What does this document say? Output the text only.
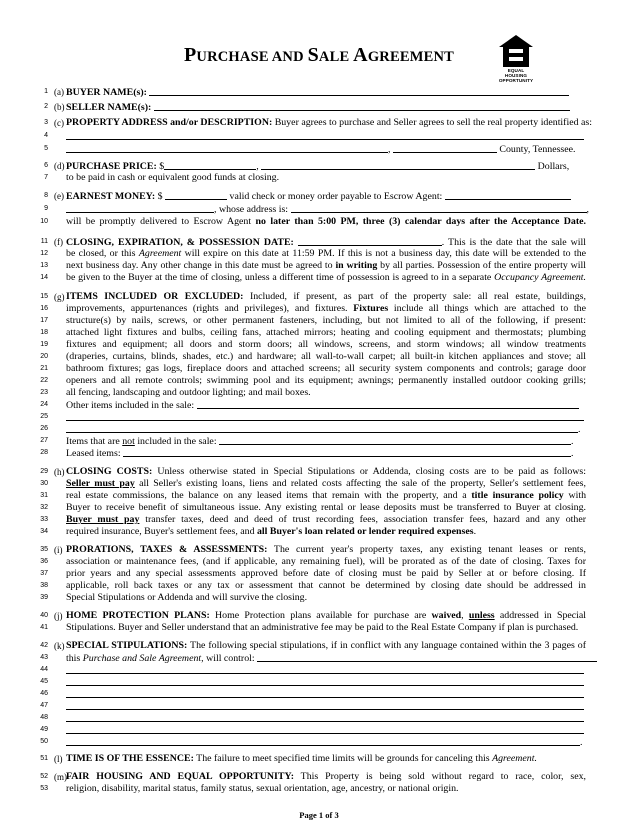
PURCHASE AND SALE AGREEMENT
EQUAL HOUSING
OPPORTUNITY
1 (a) BUYER NAME(s):
2 (b) SELLER NAME(s):
3 (c) PROPERTY ADDRESS and/or DESCRIPTION: Buyer agrees to purchase and Seller agrees to sell the real property identified as:
4
5	,	County, Tennessee.
6 (d) PURCHASE PRICE: $	,	Dollars,
7 to be paid in cash or equivalent good funds at closing.
8 (e) EARNEST MONEY: $	valid check or money order payable to Escrow Agent:
9	, whose address is:	,
10 will be promptly delivered to Escrow Agent no later than 5:00 PM, three (3) calendar days after the Acceptance Date.
11 (f) CLOSING, EXPIRATION, & POSSESSION DATE:	. This is the date that the sale will
12 be closed, or this Agreement will expire on this date at 11:59 PM. If this is not a business day, this date will be extended to the
13 next business day. Any other change in this date must be agreed to in writing by all parties. Possession of the entire property will
14 be given to the Buyer at the time of closing, unless a different time of possession is agreed to in a separate Occupancy Agreement.
15 (g) ITEMS INCLUDED OR EXCLUDED: Included, if present, as part of the property sale: all real estate, buildings,
16 improvements, appurtenances (rights and privileges), and fixtures. Fixtures include all things which are attached to the
17 structure(s) by nails, screws, or other permanent fasteners, including, but not limited to all of the following, if present:
18 attached light fixtures and bulbs, ceiling fans, attached mirrors; heating and cooling equipment and thermostats; plumbing
19 fixtures and equipment; all doors and storm doors; all windows, screens, and storm windows; all window treatments
20 (draperies, curtains, blinds, shades, etc.) and hardware; all wall-to-wall carpet; all built-in kitchen appliances and stove; all
21 bathroom fixtures; gas logs, fireplace doors and attached screens; all security system components and controls; garage door
22 openers and all remote controls; swimming pool and its equipment; awnings; permanently installed outdoor cooking grills;
23 all fencing, landscaping and outdoor lighting; and mail boxes.
24 Other items included in the sale:
25
26	.
27 Items that are not included in the sale:	.
28 Leased items:	.
29 (h) CLOSING COSTS: Unless otherwise stated in Special Stipulations or Addenda, closing costs are to be paid as follows:
30 Seller must pay all Seller's existing loans, liens and related costs affecting the sale of the property, Seller's settlement fees,
31 real estate commissions, the balance on any leased items that remain with the property, and a title insurance policy with
32 Buyer to receive benefit of simultaneous issue. Any existing rental or lease deposits must be transferred to Buyer at closing.
33 Buyer must pay transfer taxes, deed and deed of trust recording fees, association transfer fees, hazard and any other
34 required insurance, Buyer's settlement fees, and all Buyer's loan related or lender required expenses.
35 (i) PRORATIONS, TAXES & ASSESSMENTS: The current year's property taxes, any existing tenant leases or rents,
36 association or maintenance fees, (and if applicable, any remaining fuel), will be prorated as of the date of closing. Taxes for
37 prior years and any special assessments approved before date of closing must be paid by Seller at or before closing. If
38 applicable, roll back taxes or any tax or assessment that cannot be determined by closing date should be addressed in
39 Special Stipulations or Addenda and will survive the closing.
40 (j) HOME PROTECTION PLANS: Home Protection plans available for purchase are waived, unless addressed in Special
41 Stipulations. Buyer and Seller understand that an administrative fee may be paid to the Real Estate Company if plan is purchased.
42 (k) SPECIAL STIPULATIONS: The following special stipulations, if in conflict with any language contained within the 3 pages of
43 this Purchase and Sale Agreement, will control:
44
45
46
47
48
49
50	.
51 (l) TIME IS OF THE ESSENCE: The failure to meet specified time limits will be grounds for canceling this Agreement.
52 (m) FAIR HOUSING AND EQUAL OPPORTUNITY: This Property is being sold without regard to race, color, sex,
53 religion, disability, marital status, family status, sexual orientation, age, ancestry, or national origin.
Page 1 of 3
